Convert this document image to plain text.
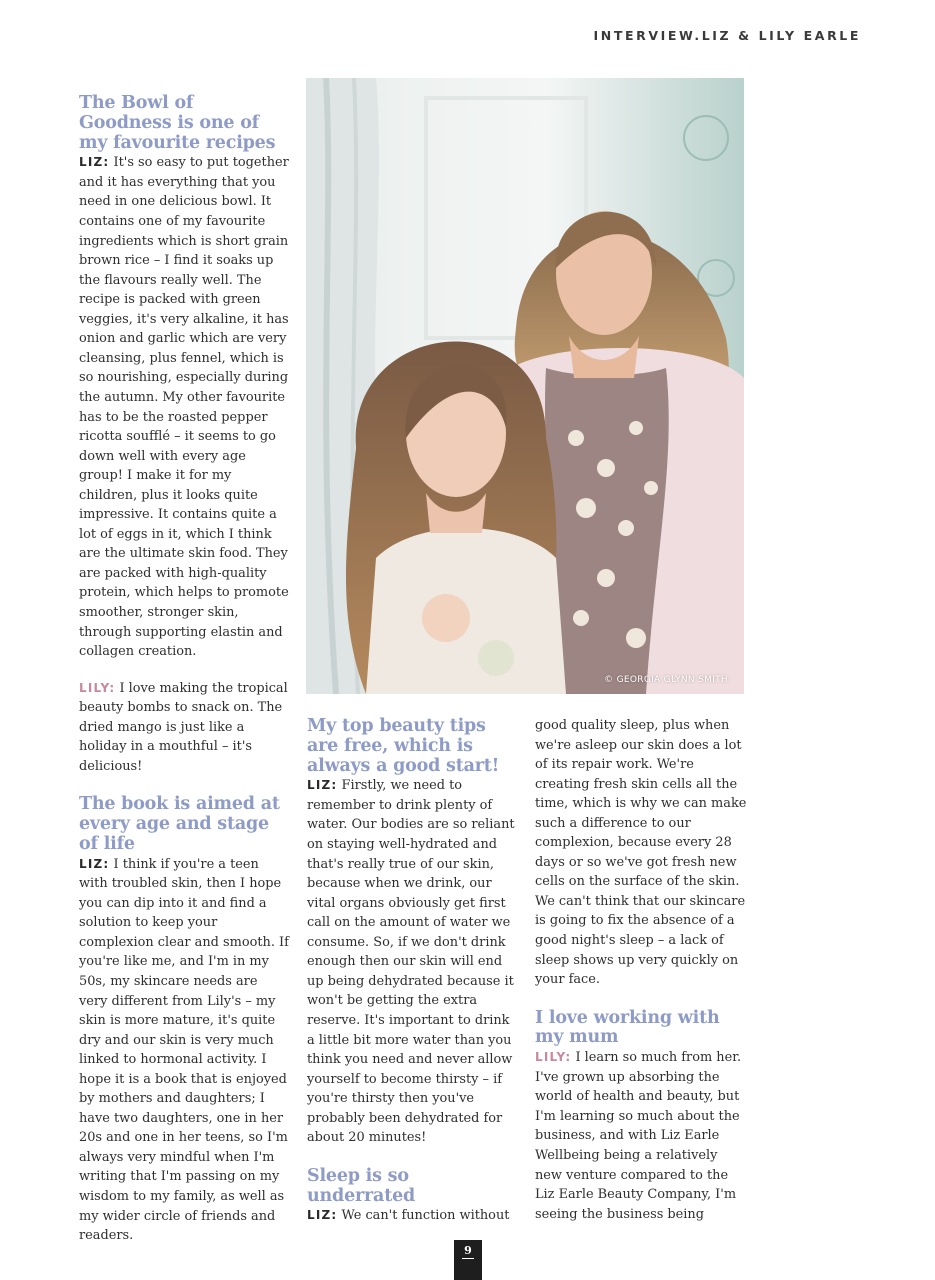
INTERVIEW.LIZ & LILY EARLE
The Bowl of Goodness is one of my favourite recipes

LIZ: It's so easy to put together and it has everything that you need in one delicious bowl. It contains one of my favourite ingredients which is short grain brown rice – I find it soaks up the flavours really well. The recipe is packed with green veggies, it's very alkaline, it has onion and garlic which are very cleansing, plus fennel, which is so nourishing, especially during the autumn. My other favourite has to be the roasted pepper ricotta soufflé – it seems to go down well with every age group! I make it for my children, plus it looks quite impressive. It contains quite a lot of eggs in it, which I think are the ultimate skin food. They are packed with high-quality protein, which helps to promote smoother, stronger skin, through supporting elastin and collagen creation.

LILY: I love making the tropical beauty bombs to snack on. The dried mango is just like a holiday in a mouthful – it's delicious!

The book is aimed at every age and stage of life

LIZ: I think if you're a teen with troubled skin, then I hope you can dip into it and find a solution to keep your complexion clear and smooth. If you're like me, and I'm in my 50s, my skincare needs are very different from Lily's – my skin is more mature, it's quite dry and our skin is very much linked to hormonal activity. I hope it is a book that is enjoyed by mothers and daughters; I have two daughters, one in her 20s and one in her teens, so I'm always very mindful when I'm writing that I'm passing on my wisdom to my family, as well as my wider circle of friends and readers.

© GEORGIA GLYNN SMITH
My top beauty tips are free, which is always a good start!

LIZ: Firstly, we need to remember to drink plenty of water. Our bodies are so reliant on staying well-hydrated and that's really true of our skin, because when we drink, our vital organs obviously get first call on the amount of water we consume. So, if we don't drink enough then our skin will end up being dehydrated because it won't be getting the extra reserve. It's important to drink a little bit more water than you think you need and never allow yourself to become thirsty – if you're thirsty then you've probably been dehydrated for about 20 minutes!

Sleep is so underrated

LIZ: We can't function without

good quality sleep, plus when we're asleep our skin does a lot of its repair work. We're creating fresh skin cells all the time, which is why we can make such a difference to our complexion, because every 28 days or so we've got fresh new cells on the surface of the skin. We can't think that our skincare is going to fix the absence of a good night's sleep – a lack of sleep shows up very quickly on your face.

I love working with my mum

LILY: I learn so much from her. I've grown up absorbing the world of health and beauty, but I'm learning so much about the business, and with Liz Earle Wellbeing being a relatively new venture compared to the Liz Earle Beauty Company, I'm seeing the business being

9
